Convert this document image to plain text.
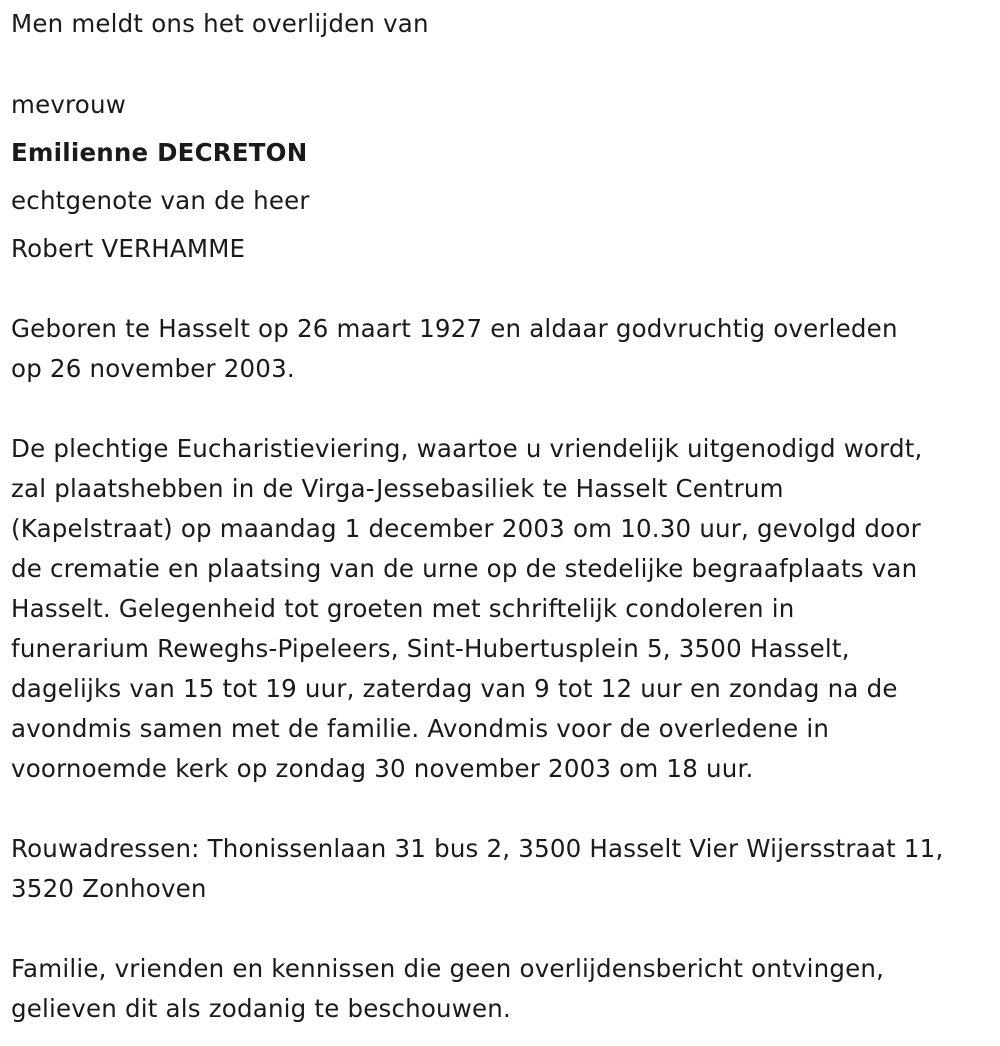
Men meldt ons het overlijden van
mevrouw
Emilienne DECRETON
echtgenote van de heer
Robert VERHAMME
Geboren te Hasselt op 26 maart 1927 en aldaar godvruchtig overleden
op 26 november 2003.
De plechtige Eucharistieviering, waartoe u vriendelijk uitgenodigd wordt,
zal plaatshebben in de Virga-Jessebasiliek te Hasselt Centrum
(Kapelstraat) op maandag 1 december 2003 om 10.30 uur, gevolgd door
de crematie en plaatsing van de urne op de stedelijke begraafplaats van
Hasselt. Gelegenheid tot groeten met schriftelijk condoleren in
funerarium Reweghs-Pipeleers, Sint-Hubertusplein 5, 3500 Hasselt,
dagelijks van 15 tot 19 uur, zaterdag van 9 tot 12 uur en zondag na de
avondmis samen met de familie. Avondmis voor de overledene in
voornoemde kerk op zondag 30 november 2003 om 18 uur.
Rouwadressen: Thonissenlaan 31 bus 2, 3500 Hasselt Vier Wijersstraat 11,
3520 Zonhoven
Familie, vrienden en kennissen die geen overlijdensbericht ontvingen,
gelieven dit als zodanig te beschouwen.
